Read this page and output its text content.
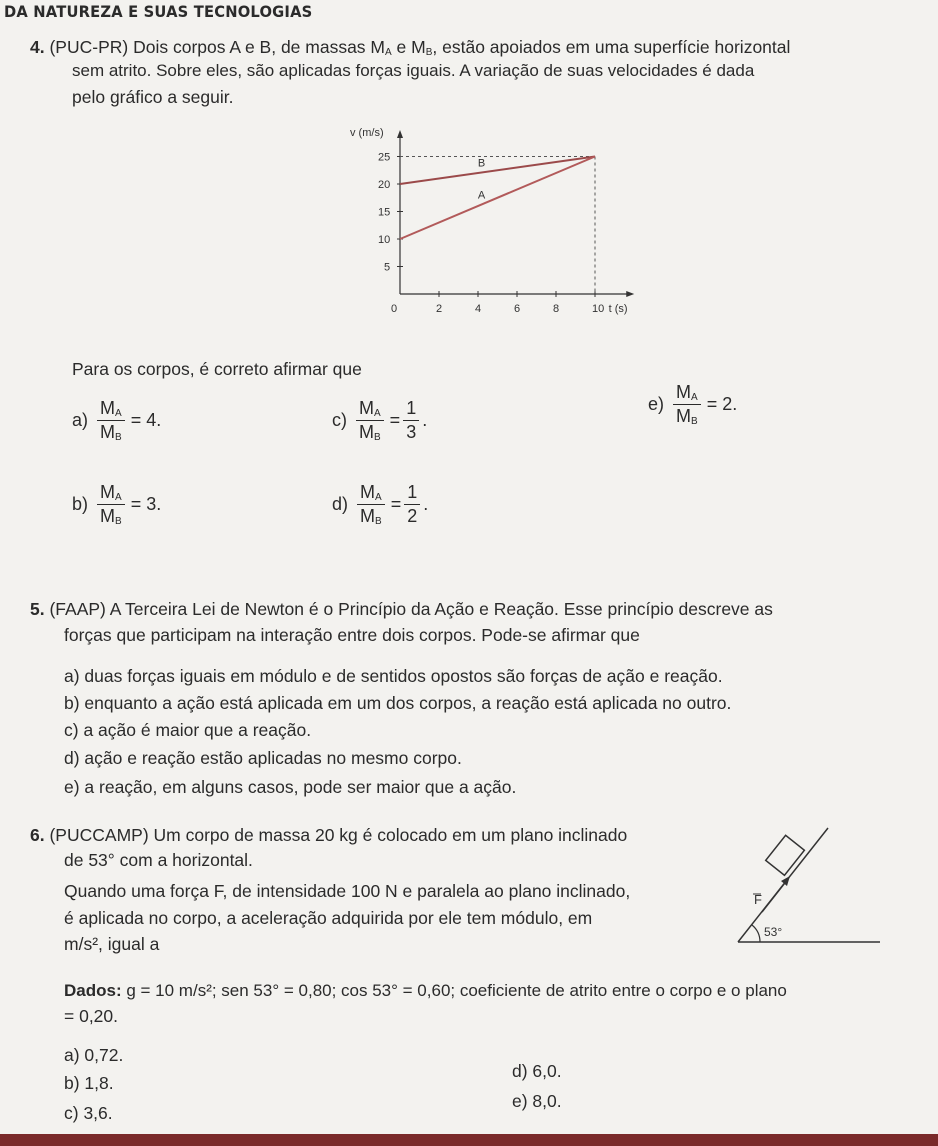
DA NATUREZA E SUAS TECNOLOGIAS
4. (PUC-PR) Dois corpos A e B, de massas $M_A$ e $M_B$, estão apoiados em uma superfície horizontal
sem atrito. Sobre eles, são aplicadas forças iguais. A variação de suas velocidades é dada
pelo gráfico a seguir.
v (m/s)
t (s)
0	2	4	6	8	10
5
10
15
20
25	B
A
Para os corpos, é correto afirmar que
$a) \frac{M_A}{M_B} = 4$.
$b) \frac{M_A}{M_B} = 3$.
$c) \frac{M_A}{M_B} = \frac{1}{3}$ .
$d) \frac{M_A}{M_B} = \frac{1}{2}$ .
$e) \frac{M_A}{M_B} = 2$.
5. (FAAP) A Terceira Lei de Newton é o Princípio da Ação e Reação. Esse princípio descreve as
forças que participam na interação entre dois corpos. Pode-se afirmar que
a) duas forças iguais em módulo e de sentidos opostos são forças de ação e reação.
b) enquanto a ação está aplicada em um dos corpos, a reação está aplicada no outro.
c) a ação é maior que a reação.
d) ação e reação estão aplicadas no mesmo corpo.
e) a reação, em alguns casos, pode ser maior que a ação.
6. (PUCCAMP) Um corpo de massa 20 kg é colocado em um plano inclinado
de 53° com a horizontal.
Quando uma força F, de intensidade 100 N e paralela ao plano inclinado,
é aplicada no corpo, a aceleração adquirida por ele tem módulo, em
m/s², igual a
F
53°
Dados: g = 10 m/s²; sen 53° = 0,80; cos 53° = 0,60; coeficiente de atrito entre o corpo e o plano
= 0,20.
a) 0,72.
b) 1,8.
c) 3,6.
d) 6,0.
e) 8,0.
